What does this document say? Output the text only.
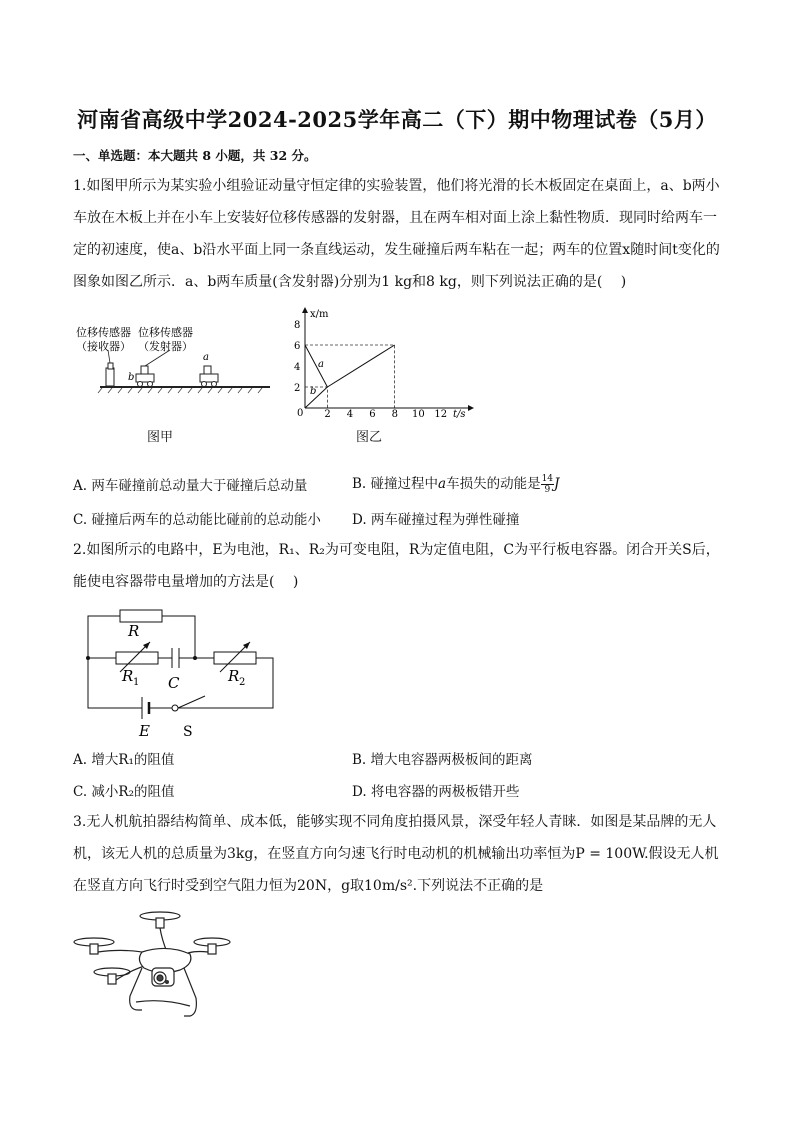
河南省高级中学2024-2025学年高二（下）期中物理试卷（5月）
一、单选题：本大题共 8 小题，共 32 分。
1.如图甲所示为某实验小组验证动量守恒定律的实验装置，他们将光滑的长木板固定在桌面上，a、b两小车放在木板上并在小车上安装好位移传感器的发射器，且在两车相对面上涂上黏性物质．现同时给两车一定的初速度，使a、b沿水平面上同一条直线运动，发生碰撞后两车粘在一起；两车的位置x随时间t变化的图象如图乙所示．a、b两车质量(含发射器)分别为1 kg和8 kg，则下列说法正确的是(　 )
位移传感器
（接收器）
位移传感器
（发射器）
b
a
图甲
2 4 6 8 10 12
2
4
6
8
x/m
t/s
0
a
b
图乙
A. 两车碰撞前总动量大于碰撞后总动量	B. 碰撞过程中a车损失的动能是 $\frac{14}{9}$ J
C. 碰撞后两车的总动能比碰前的总动能小 D. 两车碰撞过程为弹性碰撞
2.如图所示的电路中，E为电池，R₁、R₂为可变电阻，R为定值电阻，C为平行板电容器。闭合开关S后，能使电容器带电量增加的方法是(　 )
R
R 1 C	R 2
E S
A. 增大R₁的阻值	B. 增大电容器两极板间的距离
C. 减小R₂的阻值	D. 将电容器的两极板错开些
3.无人机航拍器结构简单、成本低，能够实现不同角度拍摄风景，深受年轻人青睐．如图是某品牌的无人机，该无人机的总质量为3kg，在竖直方向匀速飞行时电动机的机械输出功率恒为P = 100W.假设无人机在竖直方向飞行时受到空气阻力恒为20N，g取10m/s².下列说法不正确的是
